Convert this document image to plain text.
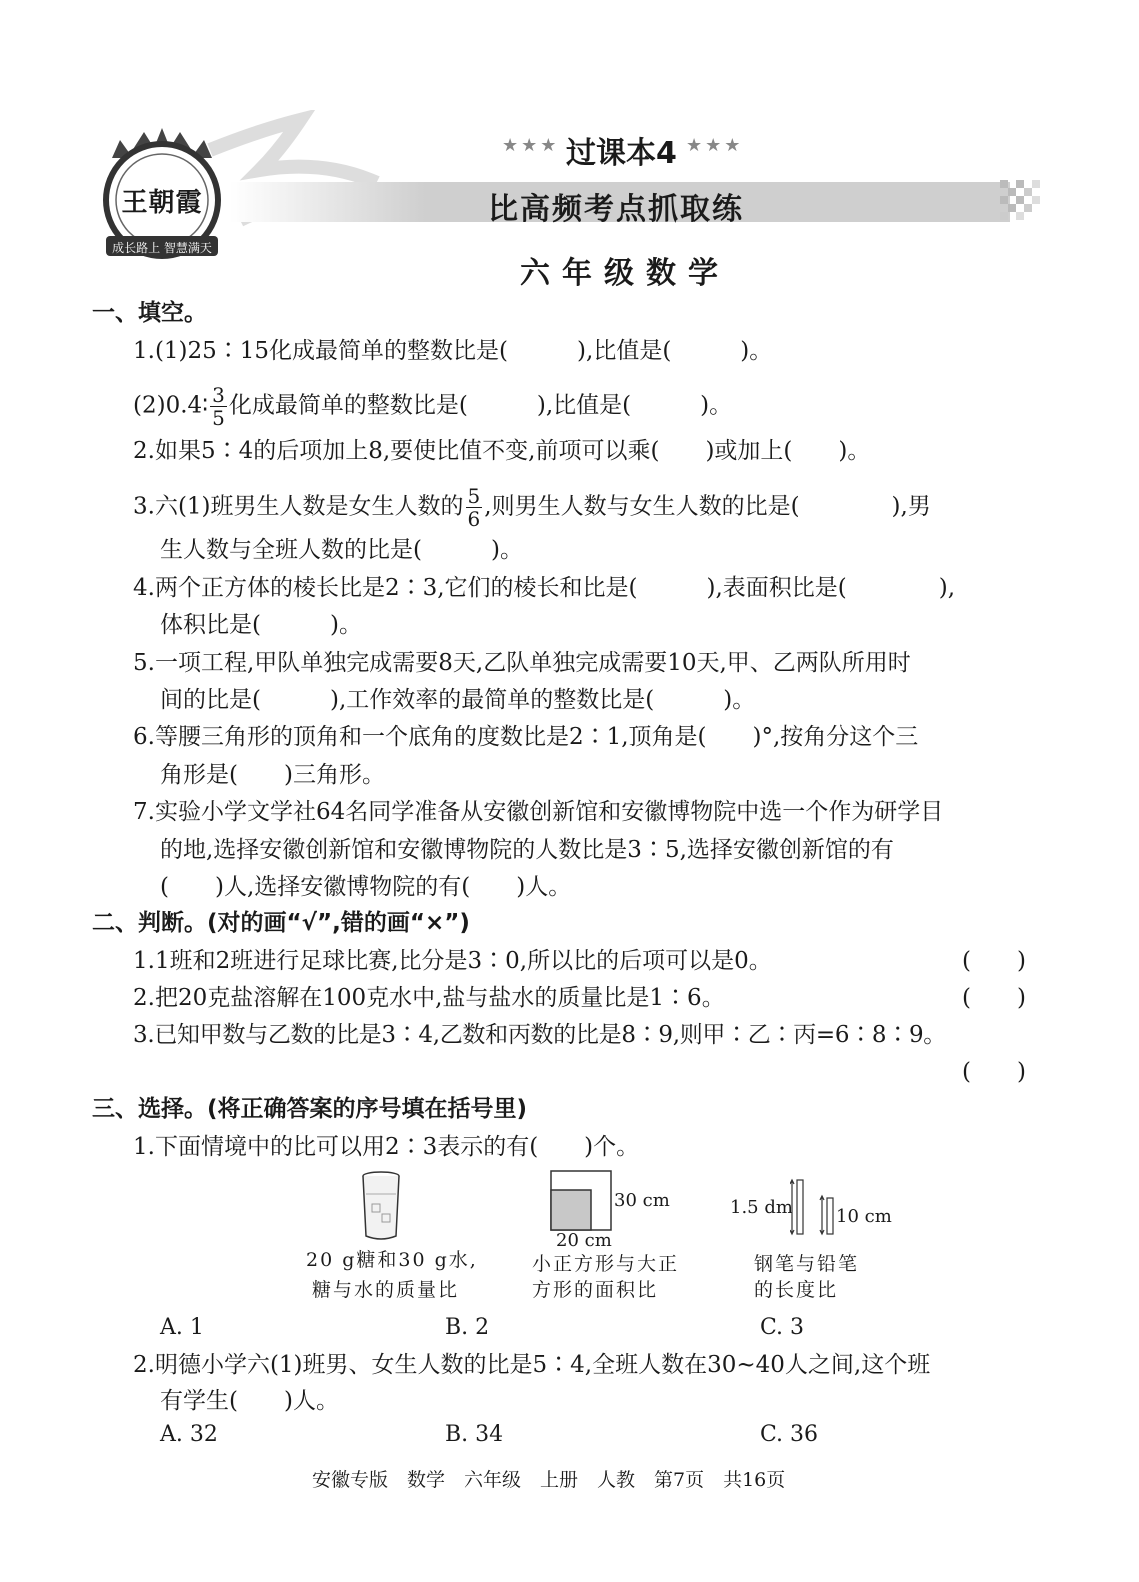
王朝霞
成长路上 智慧满天
★★★ 过课本4 ★★★
比高频考点抓取练
六年级数学
一、填空。
1.(1)25∶15化成最简单的整数比是(　　　),比值是(　　　)。
(2)0.4∶ $\frac{3}{5}$ 化成最简单的整数比是(　　　),比值是(　　　)。
2.如果5∶4的后项加上8,要使比值不变,前项可以乘(　　)或加上(　　)。
3.六(1)班男生人数是女生人数的 $\frac{5}{6}$ ,则男生人数与女生人数的比是(　　　　),男
生人数与全班人数的比是(　　　)。
4.两个正方体的棱长比是2∶3,它们的棱长和比是(　　　),表面积比是(　　　　),
体积比是(　　　)。
5.一项工程,甲队单独完成需要8天,乙队单独完成需要10天,甲、乙两队所用时
间的比是(　　　),工作效率的最简单的整数比是(　　　)。
6.等腰三角形的顶角和一个底角的度数比是2∶1,顶角是(　　)°,按角分这个三
角形是(　　)三角形。
7.实验小学文学社64名同学准备从安徽创新馆和安徽博物院中选一个作为研学目
的地,选择安徽创新馆和安徽博物院的人数比是3∶5,选择安徽创新馆的有
(　　)人,选择安徽博物院的有(　　)人。
二、判断。(对的画“√”,错的画“×”)
1.1班和2班进行足球比赛,比分是3∶0,所以比的后项可以是0。	(　　)
2.把20克盐溶解在100克水中,盐与盐水的质量比是1∶6。	(　　)
3.已知甲数与乙数的比是3∶4,乙数和丙数的比是8∶9,则甲∶乙∶丙=6∶8∶9。
(　　)
三、选择。(将正确答案的序号填在括号里)
1.下面情境中的比可以用2∶3表示的有(　　)个。
20 g糖和30 g水,
糖与水的质量比
30 cm
20 cm
小正方形与大正
方形的面积比
1.5 dm 10 cm
钢笔与铅笔
的长度比
A. 1	B. 2	C. 3
2.明德小学六(1)班男、女生人数的比是5∶4,全班人数在30~40人之间,这个班
有学生(　　)人。
A. 32	B. 34	C. 36
安徽专版　数学　六年级　上册　人教　第7页　共16页
